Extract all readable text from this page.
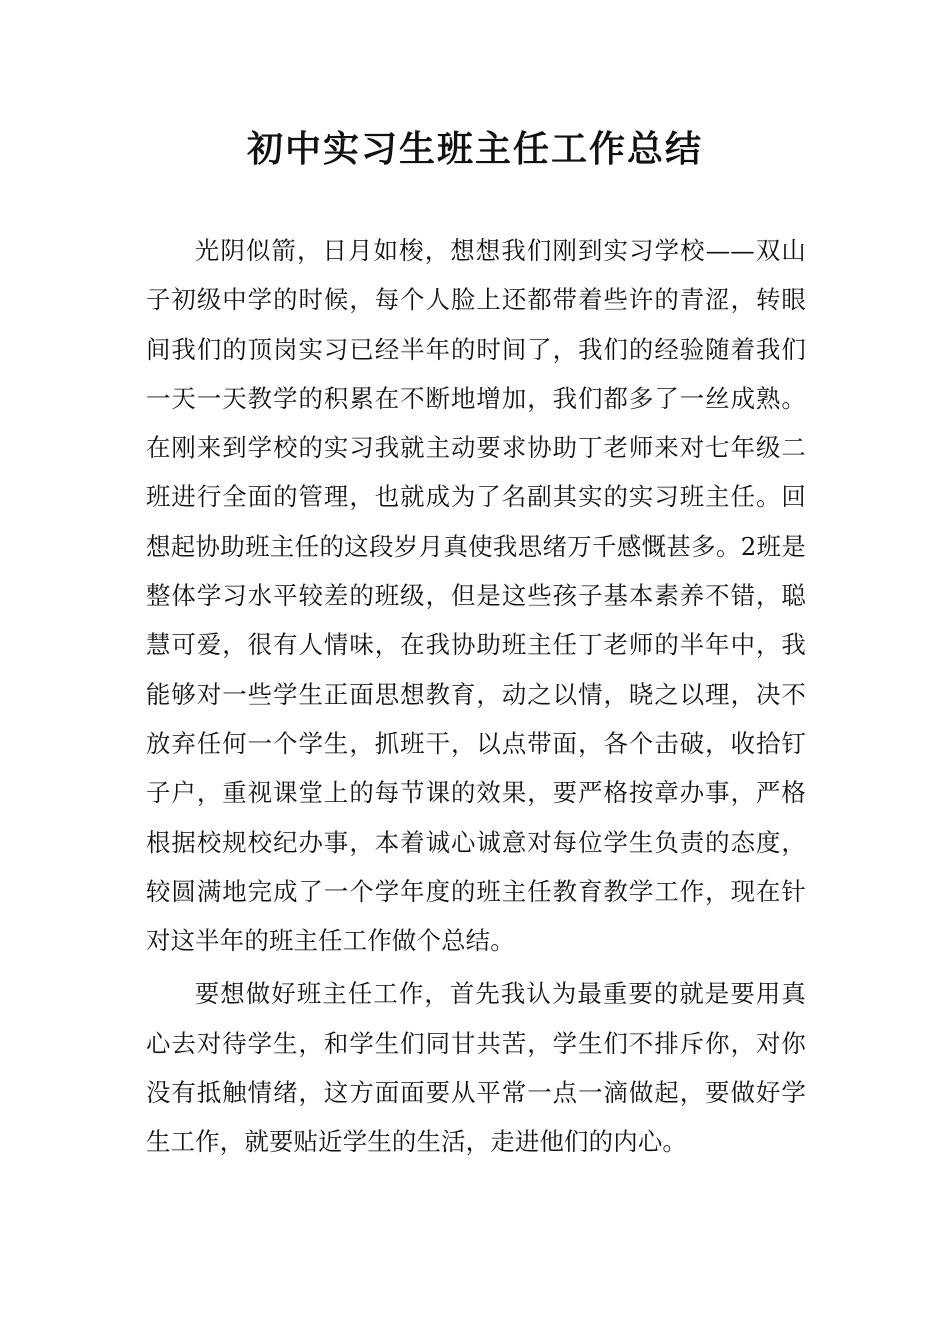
初中实习生班主任工作总结

光阴似箭，日月如梭，想想我们刚到实习学校——双山子初级中学的时候，每个人脸上还都带着些许的青涩，转眼间我们的顶岗实习已经半年的时间了，我们的经验随着我们一天一天教学的积累在不断地增加，我们都多了一丝成熟。在刚来到学校的实习我就主动要求协助丁老师来对七年级二班进行全面的管理，也就成为了名副其实的实习班主任。回想起协助班主任的这段岁月真使我思绪万千感慨甚多。2班是整体学习水平较差的班级，但是这些孩子基本素养不错，聪慧可爱，很有人情味，在我协助班主任丁老师的半年中，我能够对一些学生正面思想教育，动之以情，晓之以理，决不放弃任何一个学生，抓班干，以点带面，各个击破，收拾钉子户，重视课堂上的每节课的效果，要严格按章办事，严格根据校规校纪办事，本着诚心诚意对每位学生负责的态度，较圆满地完成了一个学年度的班主任教育教学工作，现在针对这半年的班主任工作做个总结。

要想做好班主任工作，首先我认为最重要的就是要用真心去对待学生，和学生们同甘共苦，学生们不排斥你，对你没有抵触情绪，这方面面要从平常一点一滴做起，要做好学生工作，就要贴近学生的生活，走进他们的内心。
